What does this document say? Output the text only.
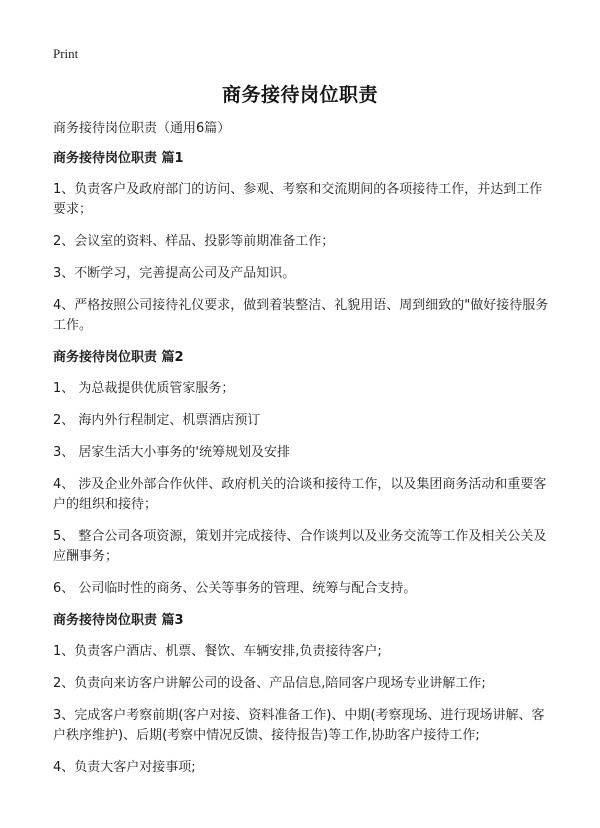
Print
商务接待岗位职责
商务接待岗位职责（通用6篇）
商务接待岗位职责 篇1
1、负责客户及政府部门的访问、参观、考察和交流期间的各项接待工作，并达到工作要求；
2、会议室的资料、样品、投影等前期准备工作；
3、不断学习，完善提高公司及产品知识。
4、严格按照公司接待礼仪要求，做到着装整洁、礼貌用语、周到细致的"做好接待服务工作。
商务接待岗位职责 篇2
1、 为总裁提供优质管家服务；
2、 海内外行程制定、机票酒店预订
3、 居家生活大小事务的'统筹规划及安排
4、 涉及企业外部合作伙伴、政府机关的洽谈和接待工作，以及集团商务活动和重要客户的组织和接待；
5、 整合公司各项资源，策划并完成接待、合作谈判以及业务交流等工作及相关公关及应酬事务；
6、 公司临时性的商务、公关等事务的管理、统筹与配合支持。
商务接待岗位职责 篇3
1、负责客户酒店、机票、餐饮、车辆安排,负责接待客户;
2、负责向来访客户讲解公司的设备、产品信息,陪同客户现场专业讲解工作;
3、完成客户考察前期(客户对接、资料准备工作)、中期(考察现场、进行现场讲解、客户秩序维护)、后期(考察中情况反馈、接待报告)等工作,协助客户接待工作;
4、负责大客户对接事项;
